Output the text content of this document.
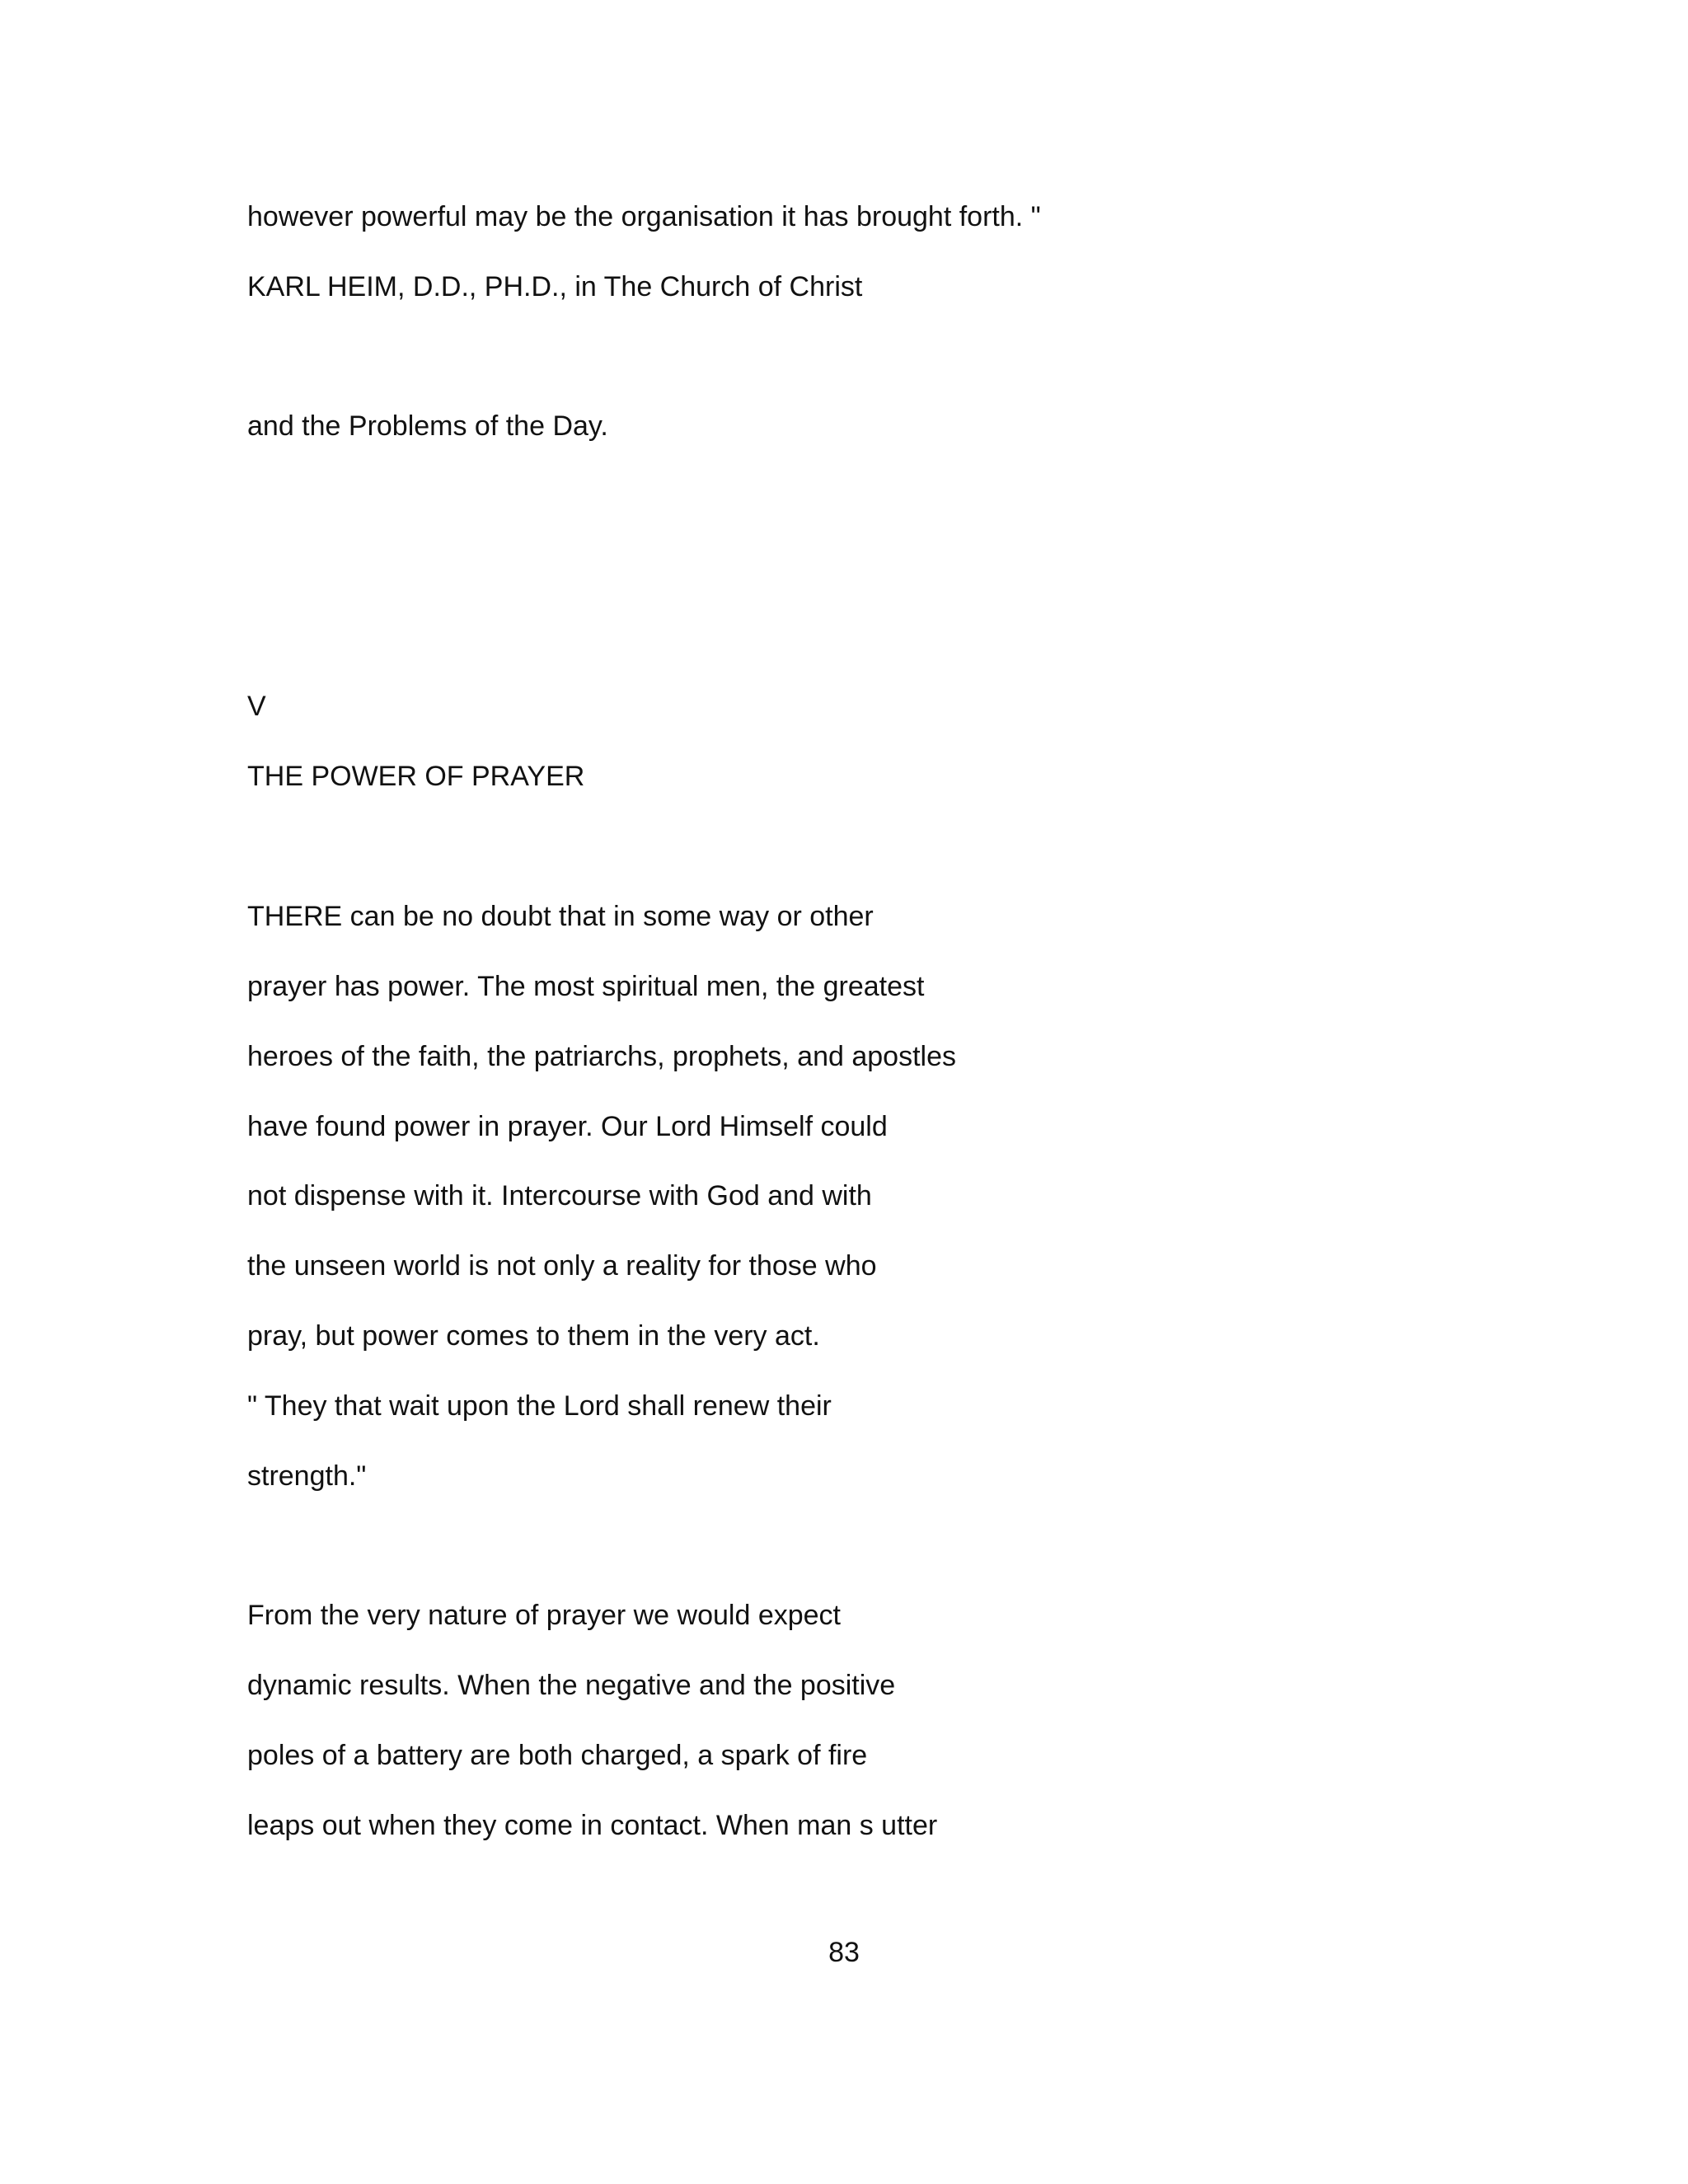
however powerful may be the organisation it has brought forth. "
KARL HEIM, D.D., PH.D., in The Church of Christ
and the Problems of the Day.
V
THE POWER OF PRAYER
THERE can be no doubt that in some way or other
prayer has power. The most spiritual men, the greatest
heroes of the faith, the patriarchs, prophets, and apostles
have found power in prayer. Our Lord Himself could
not dispense with it. Intercourse with God and with
the unseen world is not only a reality for those who
pray, but power comes to them in the very act.
" They that wait upon the Lord shall renew their
strength."
From the very nature of prayer we would expect
dynamic results. When the negative and the positive
poles of a battery are both charged, a spark of fire
leaps out when they come in contact. When man s utter
83
